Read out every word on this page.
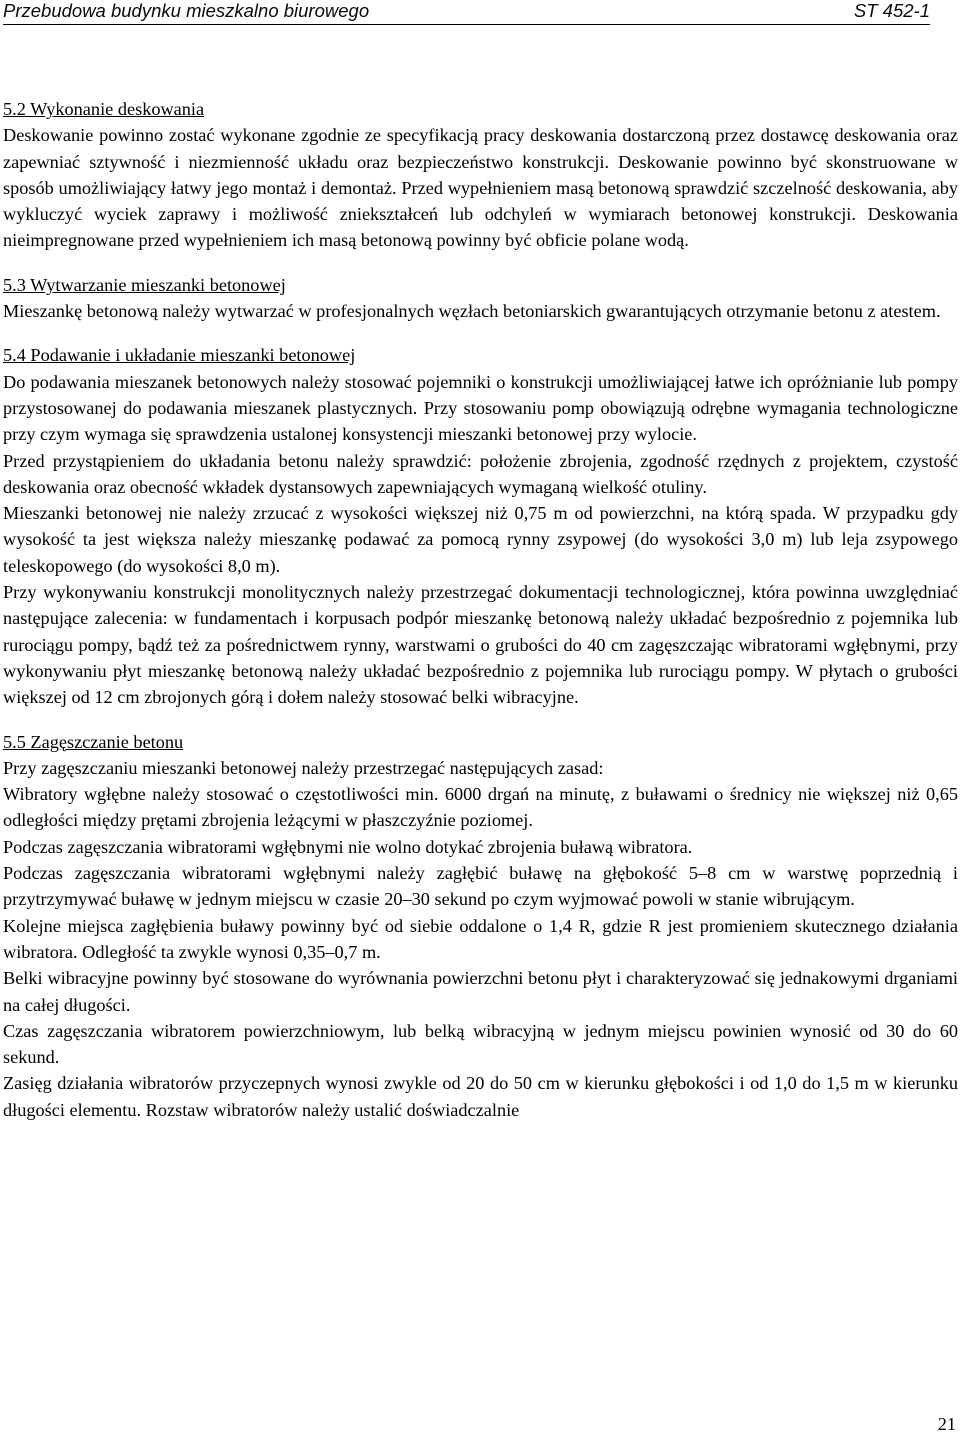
Przebudowa budynku mieszkalno biurowego	ST 452-1
5.2 Wykonanie deskowania

Deskowanie powinno zostać wykonane zgodnie ze specyfikacją pracy deskowania dostarczoną przez dostawcę deskowania oraz zapewniać sztywność i niezmienność układu oraz bezpieczeństwo konstrukcji. Deskowanie powinno być skonstruowane w sposób umożliwiający łatwy jego montaż i demontaż. Przed wypełnieniem masą betonową sprawdzić szczelność deskowania, aby wykluczyć wyciek zaprawy i możliwość zniekształceń lub odchyleń w wymiarach betonowej konstrukcji. Deskowania nieimpregnowane przed wypełnieniem ich masą betonową powinny być obficie polane wodą.

5.3 Wytwarzanie mieszanki betonowej

Mieszankę betonową należy wytwarzać w profesjonalnych węzłach betoniarskich gwarantujących otrzymanie betonu z atestem.

5.4 Podawanie i układanie mieszanki betonowej

Do podawania mieszanek betonowych należy stosować pojemniki o konstrukcji umożliwiającej łatwe ich opróżnianie lub pompy przystosowanej do podawania mieszanek plastycznych. Przy stosowaniu pomp obowiązują odrębne wymagania technologiczne przy czym wymaga się sprawdzenia ustalonej konsystencji mieszanki betonowej przy wylocie.

Przed przystąpieniem do układania betonu należy sprawdzić: położenie zbrojenia, zgodność rzędnych z projektem, czystość deskowania oraz obecność wkładek dystansowych zapewniających wymaganą wielkość otuliny.

Mieszanki betonowej nie należy zrzucać z wysokości większej niż 0,75 m od powierzchni, na którą spada. W przypadku gdy wysokość ta jest większa należy mieszankę podawać za pomocą rynny zsypowej (do wysokości 3,0 m) lub leja zsypowego teleskopowego (do wysokości 8,0 m).

Przy wykonywaniu konstrukcji monolitycznych należy przestrzegać dokumentacji technologicznej, która powinna uwzględniać następujące zalecenia: w fundamentach i korpusach podpór mieszankę betonową należy układać bezpośrednio z pojemnika lub rurociągu pompy, bądź też za pośrednictwem rynny, warstwami o grubości do 40 cm zagęszczając wibratorami wgłębnymi, przy wykonywaniu płyt mieszankę betonową należy układać bezpośrednio z pojemnika lub rurociągu pompy. W płytach o grubości większej od 12 cm zbrojonych górą i dołem należy stosować belki wibracyjne.

5.5 Zagęszczanie betonu

Przy zagęszczaniu mieszanki betonowej należy przestrzegać następujących zasad:

Wibratory wgłębne należy stosować o częstotliwości min. 6000 drgań na minutę, z buławami o średnicy nie większej niż 0,65 odległości między prętami zbrojenia leżącymi w płaszczyźnie poziomej.

Podczas zagęszczania wibratorami wgłębnymi nie wolno dotykać zbrojenia buławą wibratora.

Podczas zagęszczania wibratorami wgłębnymi należy zagłębić buławę na głębokość 5–8 cm w warstwę poprzednią i przytrzymywać buławę w jednym miejscu w czasie 20–30 sekund po czym wyjmować powoli w stanie wibrującym.

Kolejne miejsca zagłębienia buławy powinny być od siebie oddalone o 1,4 R, gdzie R jest promieniem skutecznego działania wibratora. Odległość ta zwykle wynosi 0,35–0,7 m.

Belki wibracyjne powinny być stosowane do wyrównania powierzchni betonu płyt i charakteryzować się jednakowymi drganiami na całej długości.

Czas zagęszczania wibratorem powierzchniowym, lub belką wibracyjną w jednym miejscu powinien wynosić od 30 do 60 sekund.

Zasięg działania wibratorów przyczepnych wynosi zwykle od 20 do 50 cm w kierunku głębokości i od 1,0 do 1,5 m w kierunku długości elementu. Rozstaw wibratorów należy ustalić doświadczalnie

21
